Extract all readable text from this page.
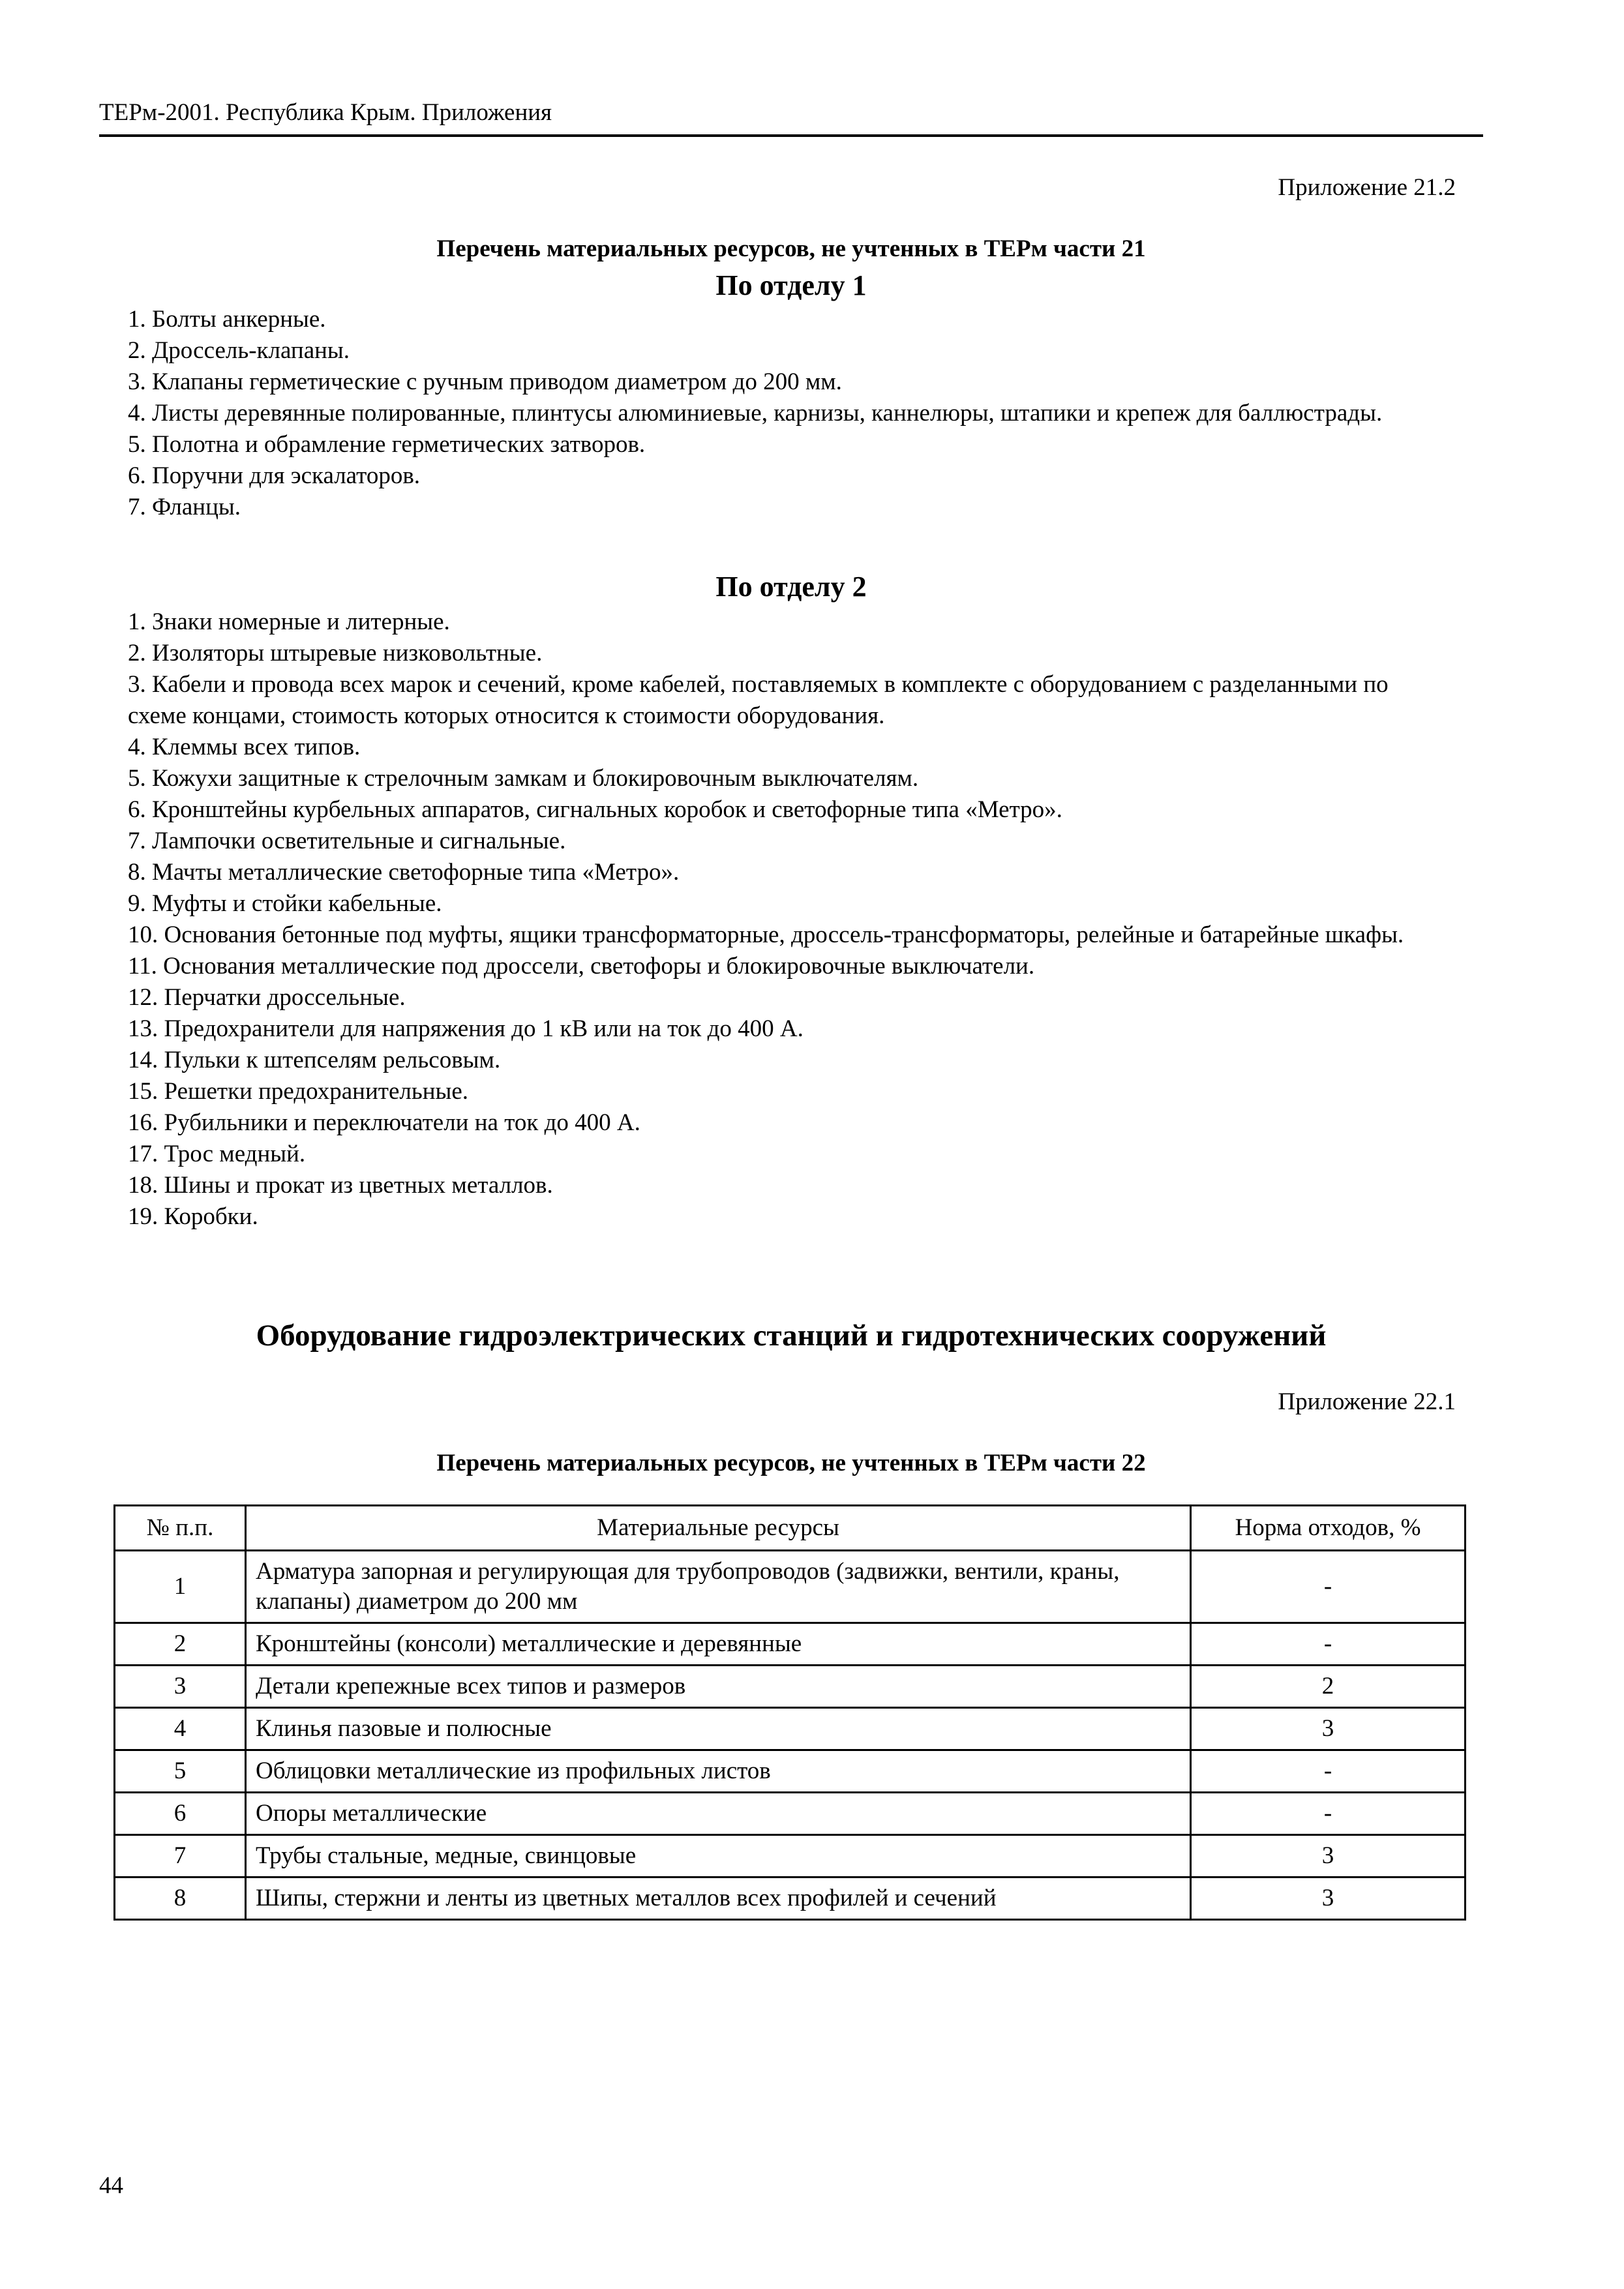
ТЕРм-2001. Республика Крым. Приложения
Приложение 21.2
Перечень материальных ресурсов, не учтенных в ТЕРм части 21
По отделу 1
1. Болты анкерные.
2. Дроссель-клапаны.
3. Клапаны герметические с ручным приводом диаметром до 200 мм.
4. Листы деревянные полированные, плинтусы алюминиевые, карнизы, каннелюры, штапики и крепеж для баллюстрады.
5. Полотна и обрамление герметических затворов.
6. Поручни для эскалаторов.
7. Фланцы.
По отделу 2
1. Знаки номерные и литерные.
2. Изоляторы штыревые низковольтные.
3. Кабели и провода всех марок и сечений, кроме кабелей, поставляемых в комплекте с оборудованием с разделанными по схеме концами, стоимость которых относится к стоимости оборудования.
4. Клеммы всех типов.
5. Кожухи защитные к стрелочным замкам и блокировочным выключателям.
6. Кронштейны курбельных аппаратов, сигнальных коробок и светофорные типа «Метро».
7. Лампочки осветительные и сигнальные.
8. Мачты металлические светофорные типа «Метро».
9. Муфты и стойки кабельные.
10. Основания бетонные под муфты, ящики трансформаторные, дроссель-трансформаторы, релейные и батарейные шкафы.
11. Основания металлические под дроссели, светофоры и блокировочные выключатели.
12. Перчатки дроссельные.
13. Предохранители для напряжения до 1 кВ или на ток до 400 А.
14. Пульки к штепселям рельсовым.
15. Решетки предохранительные.
16. Рубильники и переключатели на ток до 400 А.
17. Трос медный.
18. Шины и прокат из цветных металлов.
19. Коробки.
Оборудование гидроэлектрических станций и гидротехнических сооружений
Приложение 22.1
Перечень материальных ресурсов, не учтенных в ТЕРм части 22
№ п.п.	Материальные ресурсы	Норма отходов, %
1	Арматура запорная и регулирующая для трубопроводов (задвижки, вентили, краны, клапаны) диаметром до 200 мм	-
2	Кронштейны (консоли) металлические и деревянные	-
3	Детали крепежные всех типов и размеров	2
4	Клинья пазовые и полюсные	3
5	Облицовки металлические из профильных листов	-
6	Опоры металлические	-
7	Трубы стальные, медные, свинцовые	3
8	Шипы, стержни и ленты из цветных металлов всех профилей и сечений	3
44
